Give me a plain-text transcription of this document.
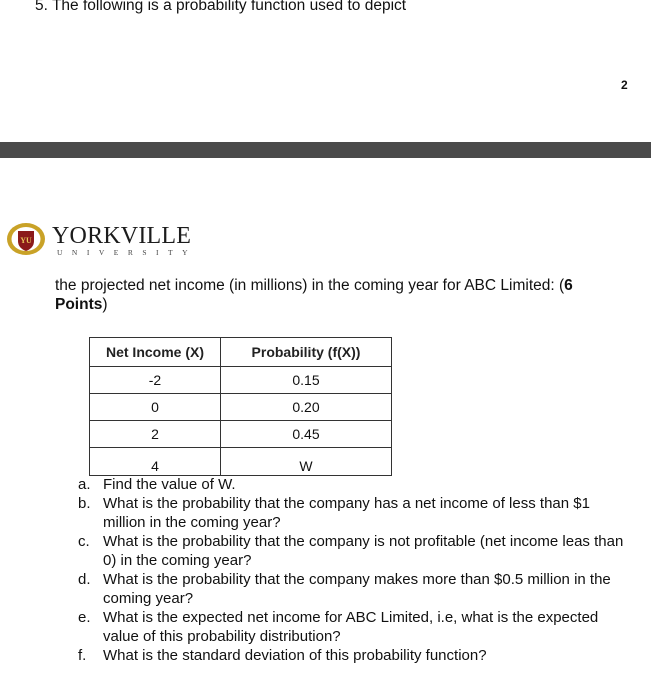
5. The following is a probability function used to depict
2
YU YORKVILLE
UNIVERSITY
the projected net income (in millions) in the coming year for ABC Limited: (6 Points)
Net Income (X)	Probability (f(X))
-2	0.15
0	0.20
2	0.45
4	W
a. Find the value of W.
b. What is the probability that the company has a net income of less than $1 million in the coming year?
c. What is the probability that the company is not profitable (net income leas than 0) in the coming year?
d. What is the probability that the company makes more than $0.5 million in the coming year?
e. What is the expected net income for ABC Limited, i.e, what is the expected value of this probability distribution?
f. What is the standard deviation of this probability function?
